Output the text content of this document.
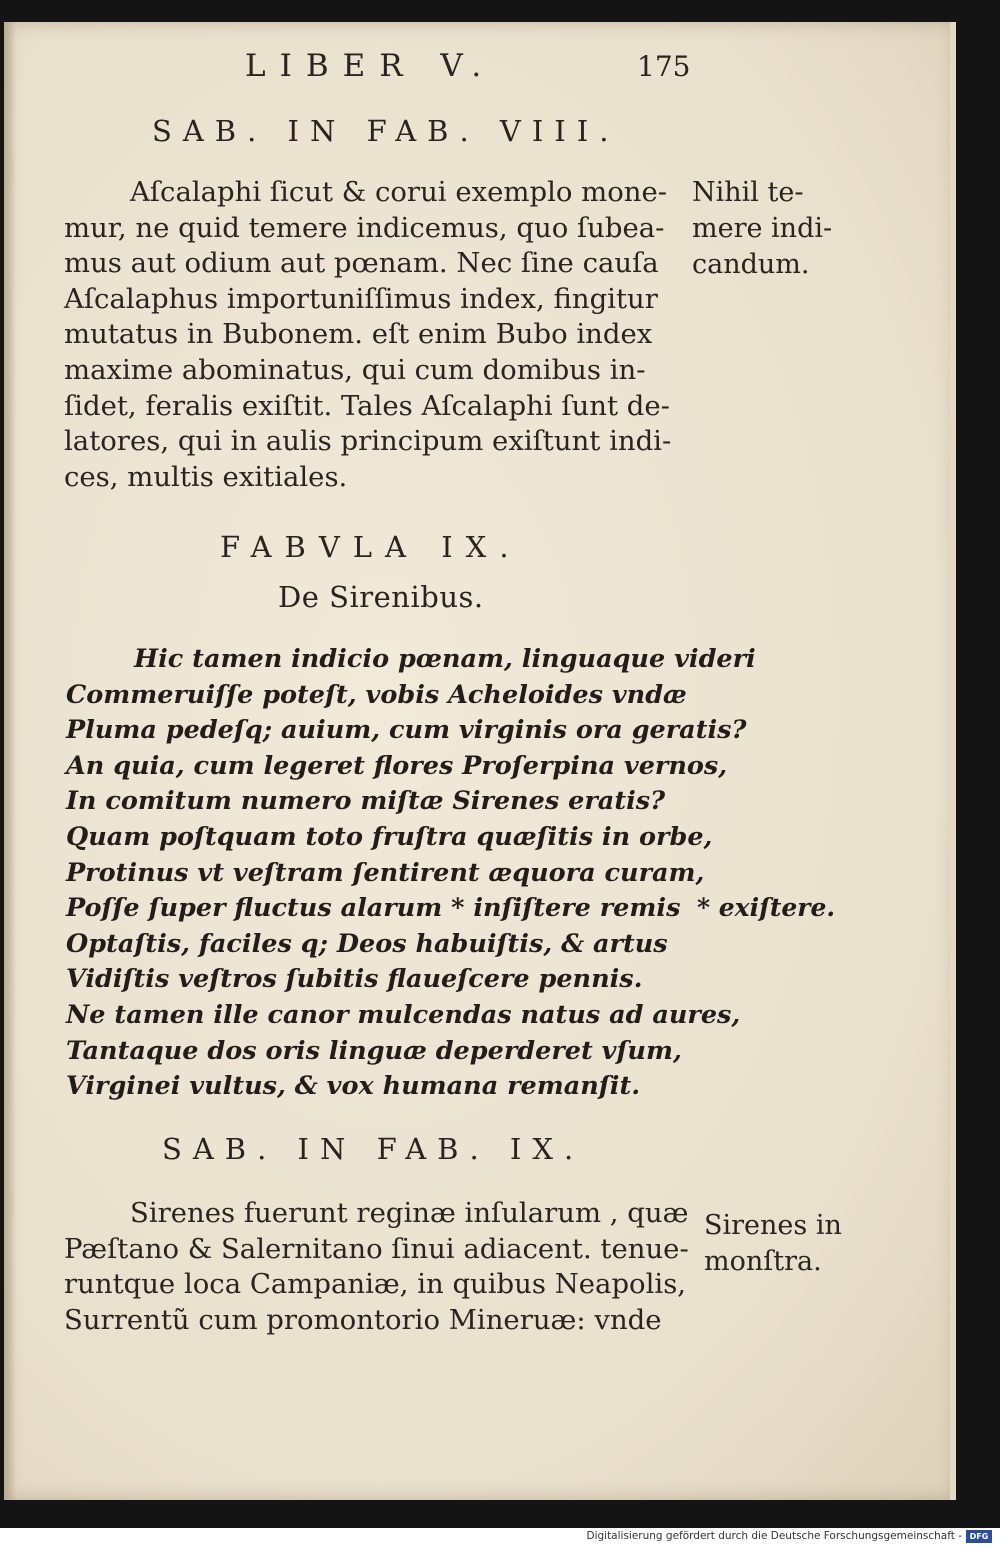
LIBER V.	175
SAB. IN FAB. VIII.
Aſcalaphi ſicut & corui exemplo mone-
mur, ne quid temere indicemus, quo ſubea-
mus aut odium aut pœnam. Nec ſine cauſa
Aſcalaphus importuniſſimus index, fingitur
mutatus in Bubonem. eſt enim Bubo index
maxime abominatus, qui cum domibus in-
ſidet, feralis exiſtit. Tales Aſcalaphi ſunt de-
latores, qui in aulis principum exiſtunt indi-
ces, multis exitiales.
Nihil te-
mere indi-
candum.
FABVLA IX.
De Sirenibus.
Hic tamen indicio pœnam, linguaque videri
Commeruiſſe poteſt, vobis Acheloides vndæ
Pluma pedeſq; auium, cum virginis ora geratis?
An quia, cum legeret flores Proſerpina vernos,
In comitum numero miſtæ Sirenes eratis?
Quam poſtquam toto fruſtra quæſitis in orbe,
Protinus vt veſtram ſentirent æquora curam,
Poſſe ſuper fluctus alarum * inſiſtere remis
Optaſtis, faciles q; Deos habuiſtis, & artus
Vidiſtis veſtros ſubitis flaueſcere pennis.
Ne tamen ille canor mulcendas natus ad aures,
Tantaque dos oris linguæ deperderet vſum,
Virginei vultus, & vox humana remanſit.
* exiſtere.
SAB. IN FAB. IX.
Sirenes fuerunt reginæ inſularum , quæ
Pæſtano & Salernitano ſinui adiacent. tenue-
runtque loca Campaniæ, in quibus Neapolis,
Surrentũ cum promontorio Mineruæ: vnde
Sirenes in
monſtra.
Digitalisierung gefördert durch die Deutsche Forschungsgemeinschaft - DFG
